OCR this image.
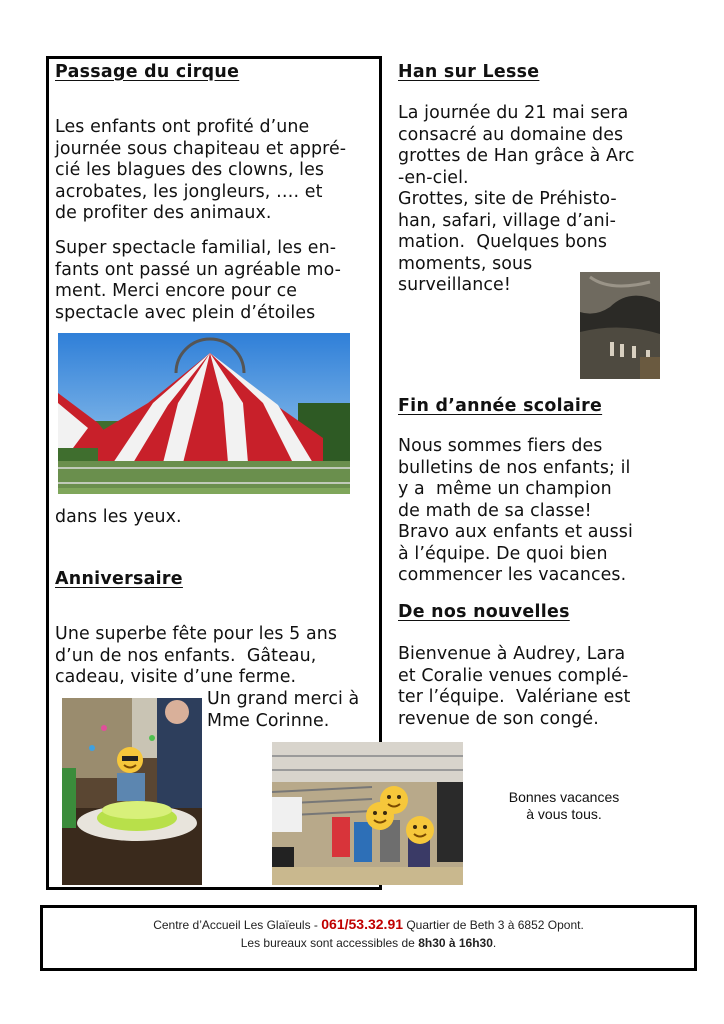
Passage du cirque

Les enfants ont profité d’une
journée sous chapiteau et appré-
cié les blagues des clowns, les
acrobates, les jongleurs, …. et
de profiter des animaux.

Super spectacle familial, les en-
fants ont passé un agréable mo-
ment. Merci encore pour ce
spectacle avec plein d’étoiles

dans les yeux.

Anniversaire

Une superbe fête pour les 5 ans
d’un de nos enfants.  Gâteau,
cadeau, visite d’une ferme.

Un grand merci à
Mme Corinne.

Han sur Lesse

La journée du 21 mai sera
consacré au domaine des
grottes de Han grâce à Arc
-en-ciel.
Grottes, site de Préhisto-
han, safari, village d’ani-
mation.  Quelques bons
moments, sous
surveillance!

Fin d’année scolaire

Nous sommes fiers des
bulletins de nos enfants; il
y a  même un champion
de math de sa classe!
Bravo aux enfants et aussi
à l’équipe. De quoi bien
commencer les vacances.

De nos nouvelles

Bienvenue à Audrey, Lara
et Coralie venues complé-
ter l’équipe.  Valériane est
revenue de son congé.

Bonnes vacances
à vous tous.

Centre d’Accueil Les Glaïeuls - 061/53.32.91 Quartier de Beth 3 à 6852 Opont.
Les bureaux sont accessibles de 8h30 à 16h30.
